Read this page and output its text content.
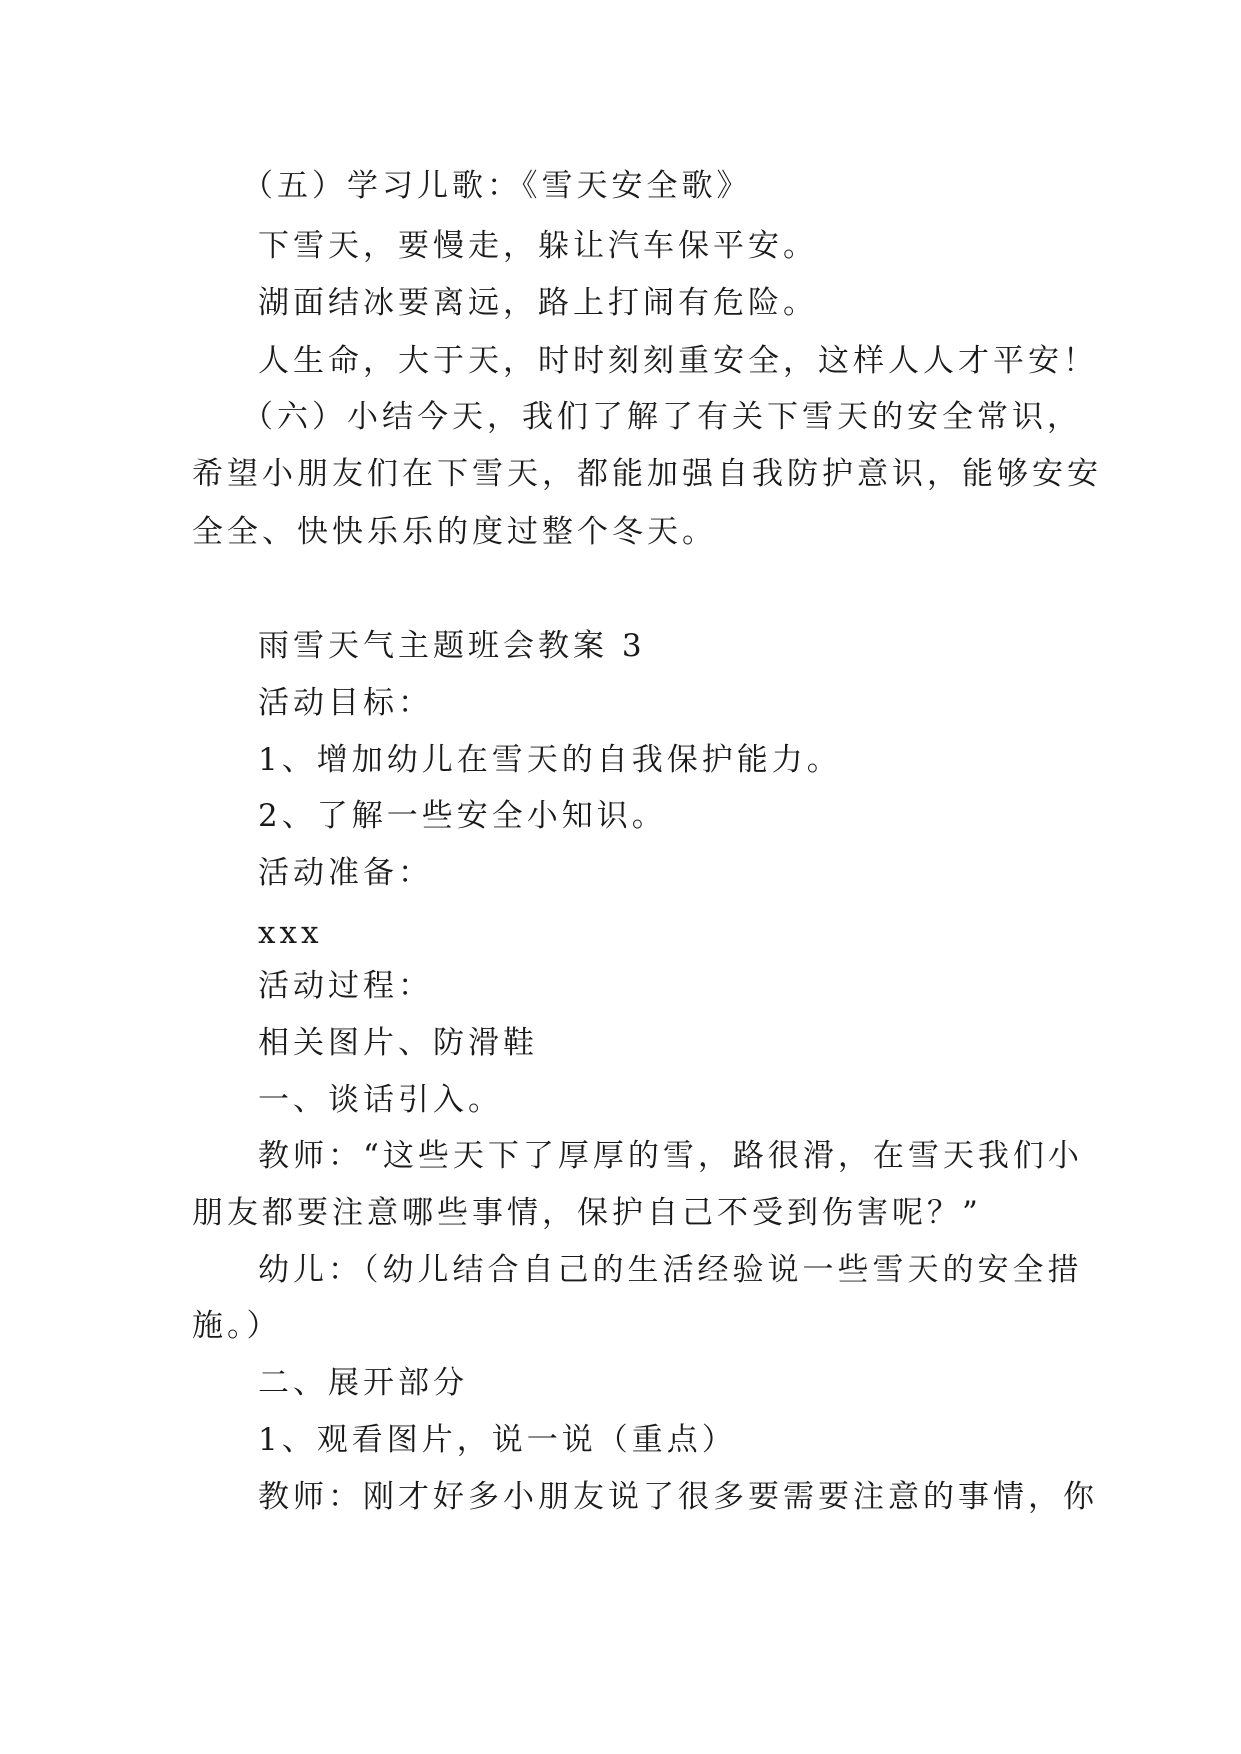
（五）学习儿歌：《雪天安全歌》
下雪天，要慢走，躲让汽车保平安。
湖面结冰要离远，路上打闹有危险。
人生命，大于天，时时刻刻重安全，这样人人才平安！
（六）小结今天，我们了解了有关下雪天的安全常识，
希望小朋友们在下雪天，都能加强自我防护意识，能够安安
全全、快快乐乐的度过整个冬天。
雨雪天气主题班会教案 3
活动目标：
1、增加幼儿在雪天的自我保护能力。
2、了解一些安全小知识。
活动准备：
xxx
活动过程：
相关图片、防滑鞋
一、谈话引入。
教师：“这些天下了厚厚的雪，路很滑，在雪天我们小
朋友都要注意哪些事情，保护自己不受到伤害呢？”
幼儿：（幼儿结合自己的生活经验说一些雪天的安全措
施。）
二、展开部分
1、观看图片，说一说（重点）
教师：刚才好多小朋友说了很多要需要注意的事情，你
